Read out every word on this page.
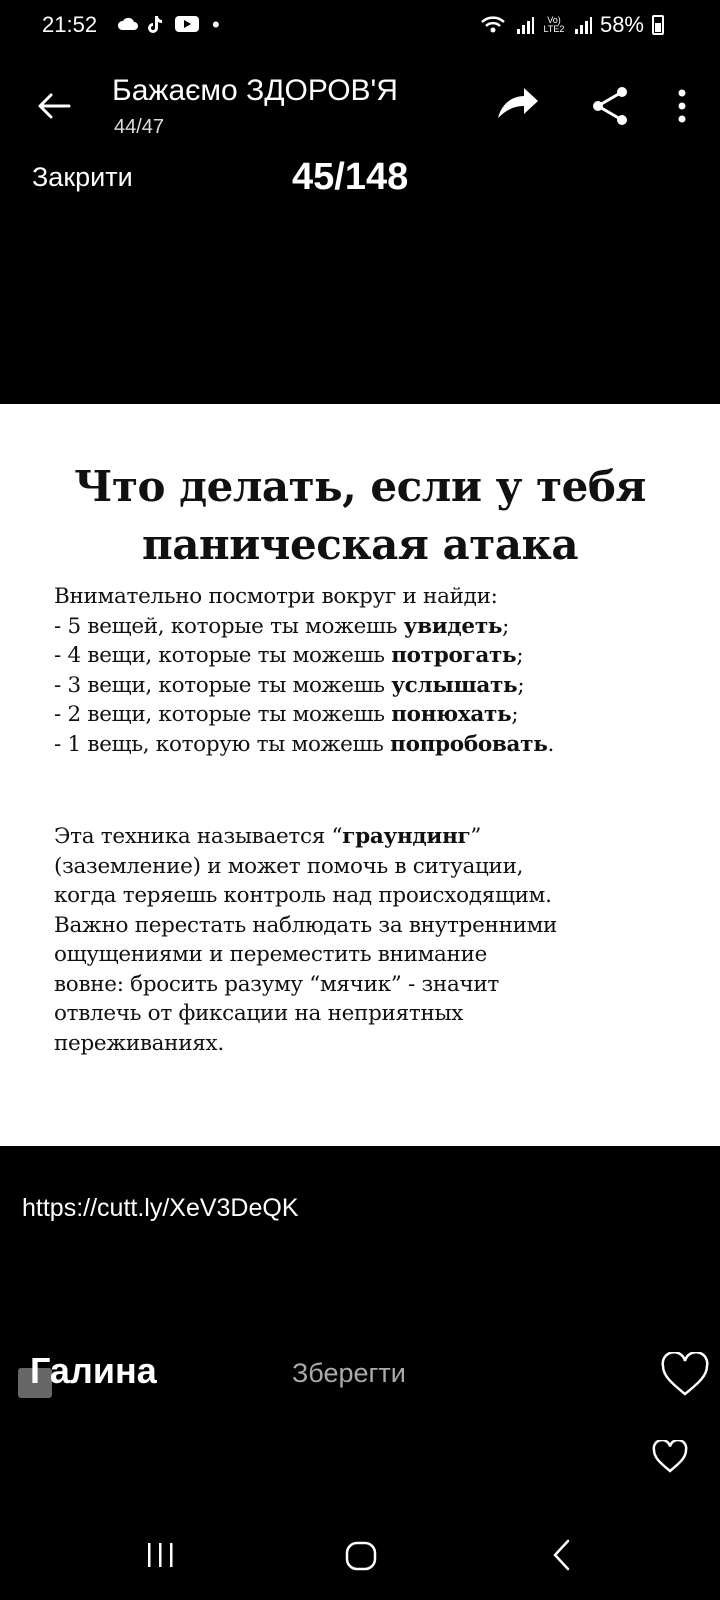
21:52	•	Vo) LTE2 58%
Бажаємо ЗДОРОВ'Я
44/47
Закрити	45/148
Что делать, если у тебя
паническая атака
Внимательно посмотри вокруг и найди:
- 5 вещей, которые ты можешь увидеть;
- 4 вещи, которые ты можешь потрогать;
- 3 вещи, которые ты можешь услышать;
- 2 вещи, которые ты можешь понюхать;
- 1 вещь, которую ты можешь попробовать.
Эта техника называется “граундинг”
(заземление) и может помочь в ситуации,
когда теряешь контроль над происходящим.
Важно перестать наблюдать за внутренними
ощущениями и переместить внимание
вовне: бросить разуму “мячик” - значит
отвлечь от фиксации на неприятных
переживаниях.
https://cutt.ly/XeV3DeQK
Галина	Зберегти
